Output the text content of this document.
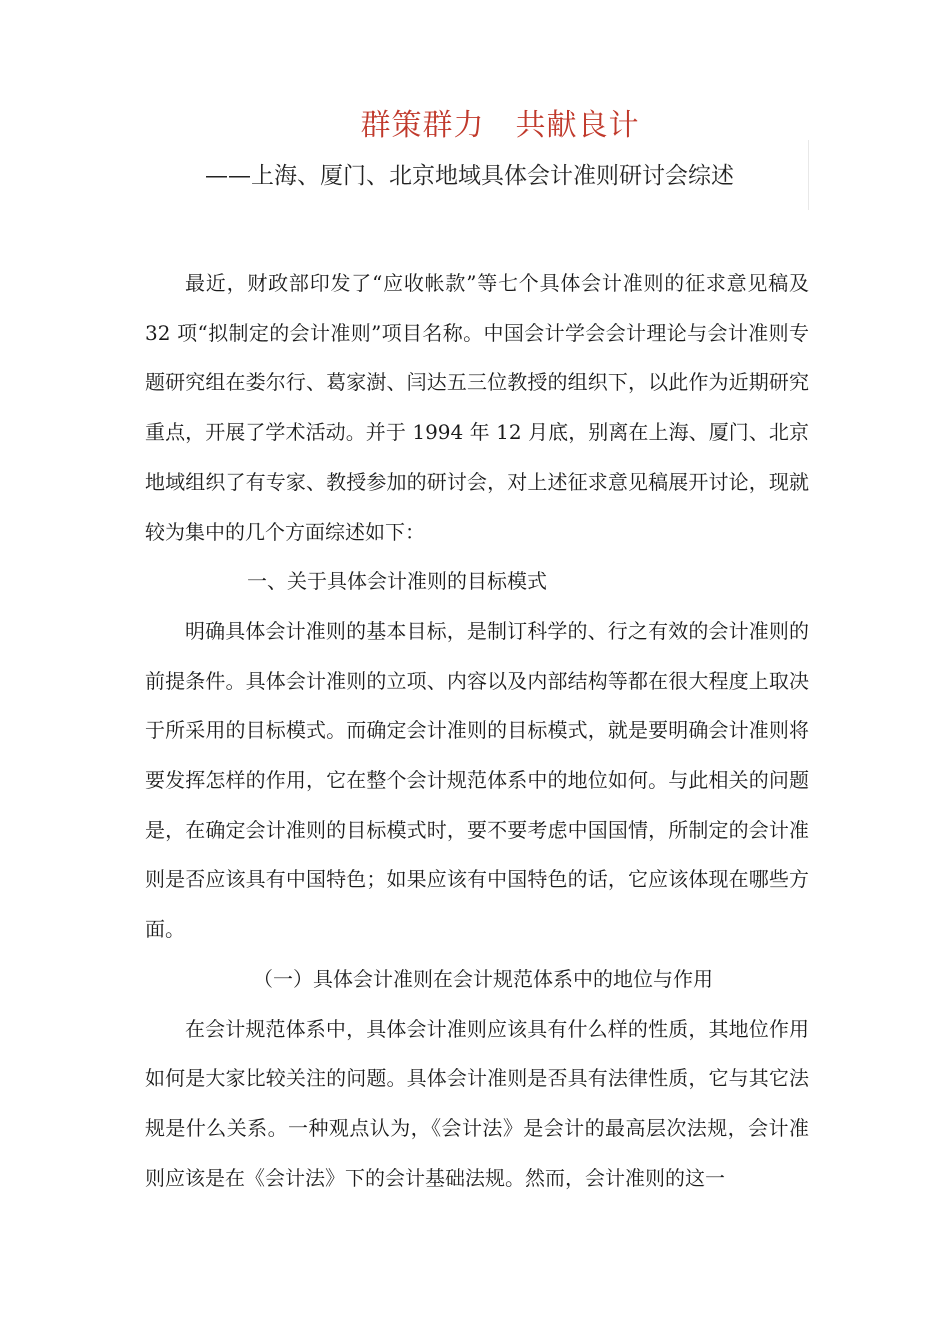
群策群力　共献良计
——上海、厦门、北京地域具体会计准则研讨会综述

最近，财政部印发了“应收帐款”等七个具体会计准则的征求意见稿及 32 项“拟制定的会计准则”项目名称。中国会计学会会计理论与会计准则专题研究组在娄尔行、葛家澍、闫达五三位教授的组织下，以此作为近期研究重点，开展了学术活动。并于 1994 年 12 月底，别离在上海、厦门、北京地域组织了有专家、教授参加的研讨会，对上述征求意见稿展开讨论，现就较为集中的几个方面综述如下：

一、关于具体会计准则的目标模式

明确具体会计准则的基本目标，是制订科学的、行之有效的会计准则的前提条件。具体会计准则的立项、内容以及内部结构等都在很大程度上取决于所采用的目标模式。而确定会计准则的目标模式，就是要明确会计准则将要发挥怎样的作用，它在整个会计规范体系中的地位如何。与此相关的问题是，在确定会计准则的目标模式时，要不要考虑中国国情，所制定的会计准则是否应该具有中国特色；如果应该有中国特色的话，它应该体现在哪些方面。

（一）具体会计准则在会计规范体系中的地位与作用

在会计规范体系中，具体会计准则应该具有什么样的性质，其地位作用如何是大家比较关注的问题。具体会计准则是否具有法律性质，它与其它法规是什么关系。一种观点认为，《会计法》是会计的最高层次法规，会计准则应该是在《会计法》下的会计基础法规。然而，会计准则的这一
